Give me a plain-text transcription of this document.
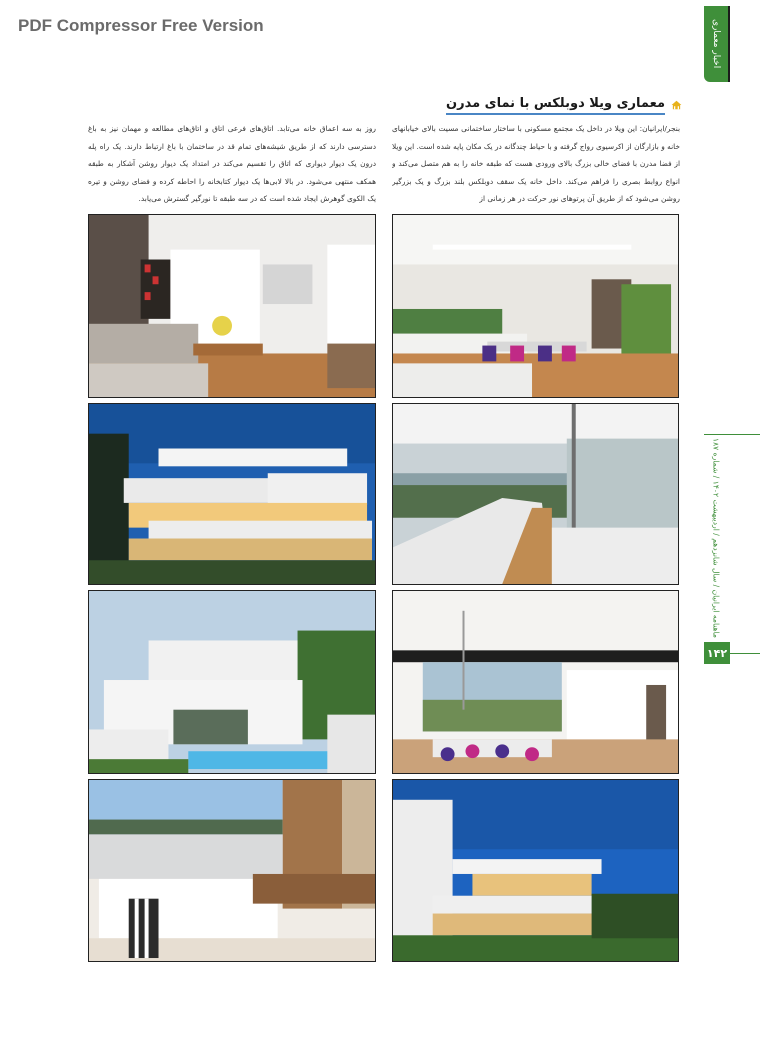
PDF Compressor Free Version	اخبار معماری
معماری ویلا دوبلکس با نمای مدرن
بنجر/ایرانیان: این ویلا در داخل یک مجتمع مسکونی با ساختار ساختمانی مسیت بالای خیابانهای خانه و بازارگان از اکرسیوی رواج گرفته و با حیاط چندگانه در یک مکان پایه شده است. این ویلا از فضا مدرن با فضای خالی بزرگ بالای ورودی هست که طبقه خانه را به هم متصل می‌کند و انواع روابط بصری را فراهم می‌کند. داخل خانه یک سقف دوبلکس بلند بزرگ و یک بزرگیر روشن می‌شود که از طریق آن پرتوهای نور حرکت در هر زمانی از
روز به سه اعماق خانه می‌تابد. اتاق‌های فرعی اتاق و اتاق‌های مطالعه و مهمان نیز به باغ دسترسی دارند که از طریق شیشه‌های تمام قد در ساختمان با باغ ارتباط دارند. یک راه پله درون یک دیوار دیواری که اتاق را تقسیم می‌کند در امتداد یک دیوار روشن آشکار به طبقه همکف منتهی می‌شود. در بالا لابی‌ها یک دیوار کتابخانه را احاطه کرده و فضای روشن و تیره یک الکوی گوهرش ایجاد شده است که در سه طبقه تا نورگیر گسترش می‌یابد.
ماهنامه ایرانیان / سال شانزدهم / اردیبهشت ۱۴۰۲ / شماره ۱۸۷
۱۴۲
